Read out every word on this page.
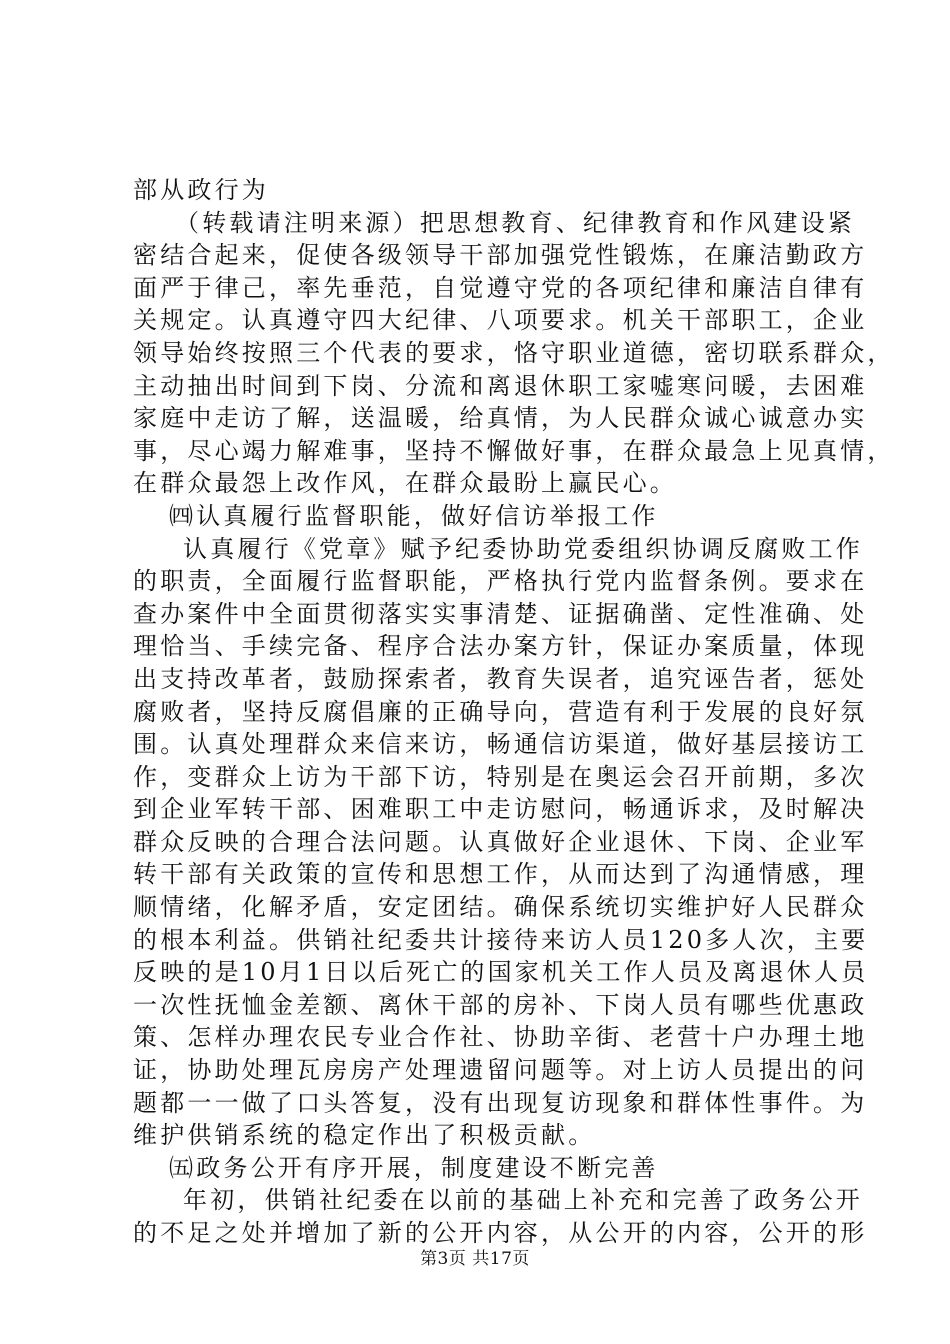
部从政行为
（转载请注明来源）把思想教育、纪律教育和作风建设紧
密结合起来，促使各级领导干部加强党性锻炼，在廉洁勤政方
面严于律己，率先垂范，自觉遵守党的各项纪律和廉洁自律有
关规定。认真遵守四大纪律、八项要求。机关干部职工，企业
领导始终按照三个代表的要求，恪守职业道德，密切联系群众，
主动抽出时间到下岗、分流和离退休职工家嘘寒问暖，去困难
家庭中走访了解，送温暖，给真情，为人民群众诚心诚意办实
事，尽心竭力解难事，坚持不懈做好事，在群众最急上见真情，
在群众最怨上改作风，在群众最盼上赢民心。
㈣认真履行监督职能，做好信访举报工作
认真履行《党章》赋予纪委协助党委组织协调反腐败工作
的职责，全面履行监督职能，严格执行党内监督条例。要求在
查办案件中全面贯彻落实实事清楚、证据确凿、定性准确、处
理恰当、手续完备、程序合法办案方针，保证办案质量，体现
出支持改革者，鼓励探索者，教育失误者，追究诬告者，惩处
腐败者，坚持反腐倡廉的正确导向，营造有利于发展的良好氛
围。认真处理群众来信来访，畅通信访渠道，做好基层接访工
作，变群众上访为干部下访，特别是在奥运会召开前期，多次
到企业军转干部、困难职工中走访慰问，畅通诉求，及时解决
群众反映的合理合法问题。认真做好企业退休、下岗、企业军
转干部有关政策的宣传和思想工作，从而达到了沟通情感，理
顺情绪，化解矛盾，安定团结。确保系统切实维护好人民群众
的根本利益。供销社纪委共计接待来访人员120多人次，主要
反映的是10月1日以后死亡的国家机关工作人员及离退休人员
一次性抚恤金差额、离休干部的房补、下岗人员有哪些优惠政
策、怎样办理农民专业合作社、协助辛街、老营十户办理土地
证，协助处理瓦房房产处理遗留问题等。对上访人员提出的问
题都一一做了口头答复，没有出现复访现象和群体性事件。为
维护供销系统的稳定作出了积极贡献。
㈤政务公开有序开展，制度建设不断完善
年初，供销社纪委在以前的基础上补充和完善了政务公开
的不足之处并增加了新的公开内容，从公开的内容，公开的形
第3页 共17页
